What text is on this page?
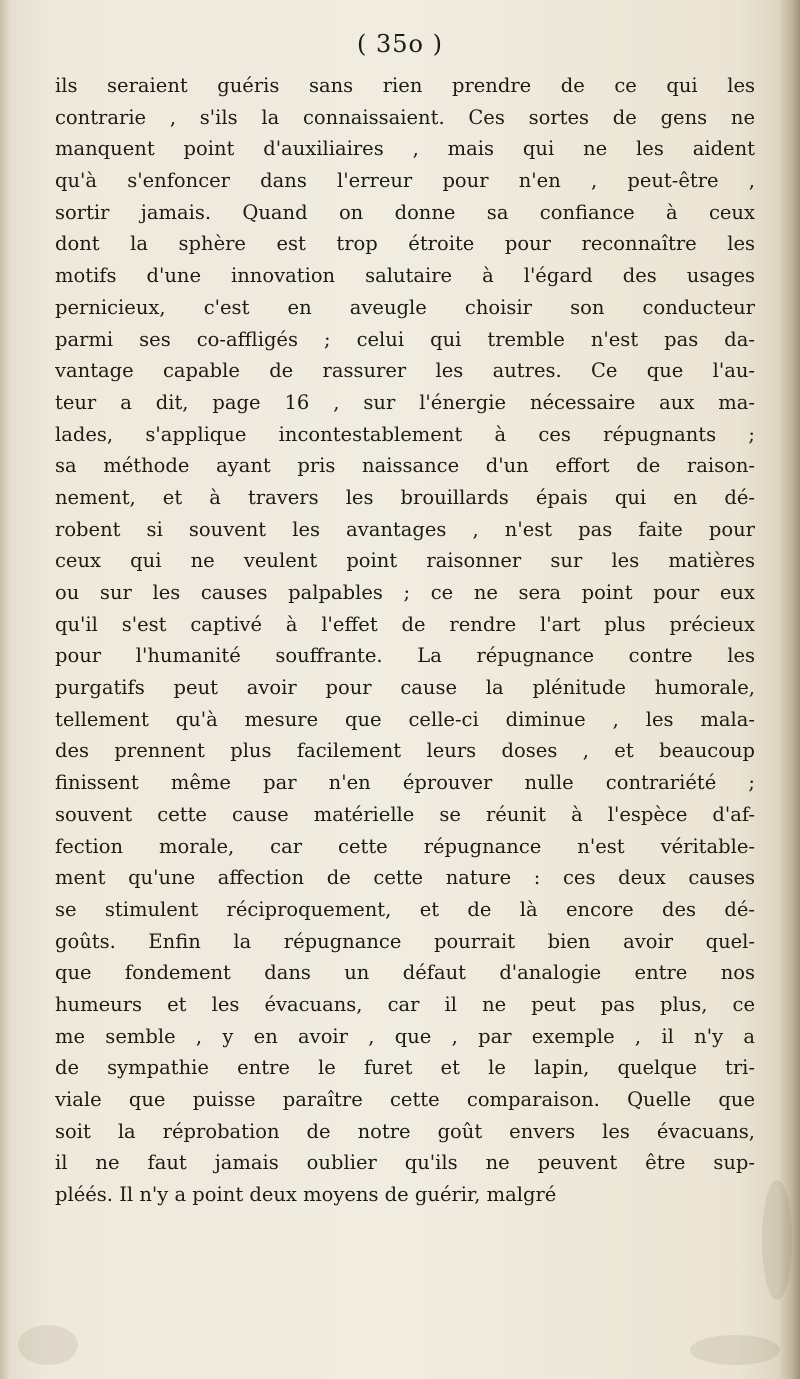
( 35o )
ils seraient guéris sans rien prendre de ce qui les
contrarie , s'ils la connaissaient. Ces sortes de gens ne
manquent point d'auxiliaires , mais qui ne les aident
qu'à s'enfoncer dans l'erreur pour n'en , peut-être ,
sortir jamais. Quand on donne sa confiance à ceux
dont la sphère est trop étroite pour reconnaître les
motifs d'une innovation salutaire à l'égard des usages
pernicieux, c'est en aveugle choisir son conducteur
parmi ses co-affligés ; celui qui tremble n'est pas da-
vantage capable de rassurer les autres. Ce que l'au-
teur a dit, page 16 , sur l'énergie nécessaire aux ma-
lades, s'applique incontestablement à ces répugnants ;
sa méthode ayant pris naissance d'un effort de raison-
nement, et à travers les brouillards épais qui en dé-
robent si souvent les avantages , n'est pas faite pour
ceux qui ne veulent point raisonner sur les matières
ou sur les causes palpables ; ce ne sera point pour eux
qu'il s'est captivé à l'effet de rendre l'art plus précieux
pour l'humanité souffrante. La répugnance contre les
purgatifs peut avoir pour cause la plénitude humorale,
tellement qu'à mesure que celle-ci diminue , les mala-
des prennent plus facilement leurs doses , et beaucoup
finissent même par n'en éprouver nulle contrariété ;
souvent cette cause matérielle se réunit à l'espèce d'af-
fection morale, car cette répugnance n'est véritable-
ment qu'une affection de cette nature : ces deux causes
se stimulent réciproquement, et de là encore des dé-
goûts. Enfin la répugnance pourrait bien avoir quel-
que fondement dans un défaut d'analogie entre nos
humeurs et les évacuans, car il ne peut pas plus, ce
me semble , y en avoir , que , par exemple , il n'y a
de sympathie entre le furet et le lapin, quelque tri-
viale que puisse paraître cette comparaison. Quelle que
soit la réprobation de notre goût envers les évacuans,
il ne faut jamais oublier qu'ils ne peuvent être sup-
pléés. Il n'y a point deux moyens de guérir, malgré
